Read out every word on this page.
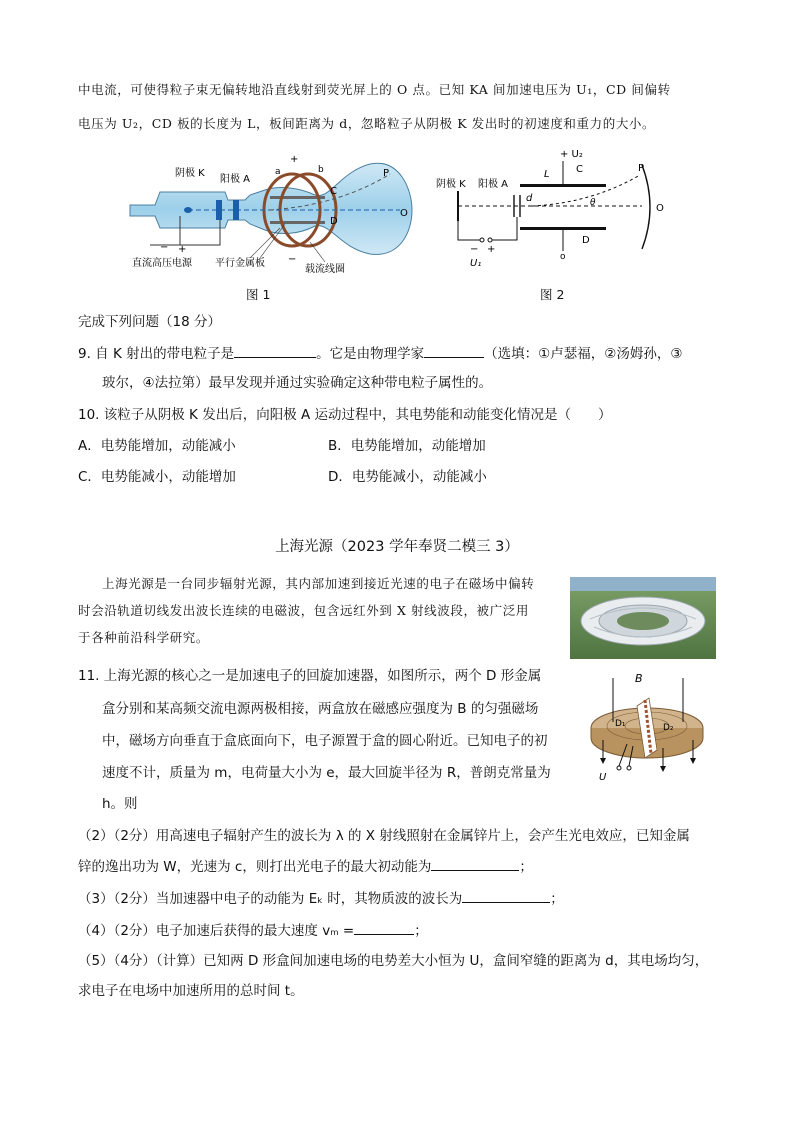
中电流，可使得粒子束无偏转地沿直线射到荧光屏上的 O 点。已知 KA 间加速电压为 U₁，CD 间偏转
电压为 U₂，CD 板的长度为 L，板间距离为 d，忽略粒子从阴极 K 发出时的初速度和重力的大小。
阴极 K
阳极 A
a	b
C
D
P
O
+
−
+
−
直流高压电源 平行金属板
载流线圈
图 1
+ U₂
C
L
阴极 K 阳极 A
d	θ
P
O
D
o
− +
U₁
图 2
完成下列问题（18 分）
9. 自 K 射出的带电粒子是	。它是由物理学家	（选填：①卢瑟福，②汤姆孙，③
玻尔，④法拉第）最早发现并通过实验确定这种带电粒子属性的。
10. 该粒子从阴极 K 发出后，向阳极 A 运动过程中，其电势能和动能变化情况是（　　）
A．电势能增加，动能减小	B．电势能增加，动能增加
C．电势能减小，动能增加	D．电势能减小，动能减小
上海光源（2023 学年奉贤二模三 3）
上海光源是一台同步辐射光源，其内部加速到接近光速的电子在磁场中偏转
时会沿轨道切线发出波长连续的电磁波，包含远红外到 X 射线波段，被广泛用
于各种前沿科学研究。
11. 上海光源的核心之一是加速电子的回旋加速器，如图所示，两个 D 形金属
盒分别和某高频交流电源两极相接，两盒放在磁感应强度为 B 的匀强磁场
中，磁场方向垂直于盒底面向下，电子源置于盒的圆心附近。已知电子的初
速度不计，质量为 m，电荷量大小为 e，最大回旋半径为 R，普朗克常量为
h。则
B
D₁	D₂
U
（2）（2分）用高速电子辐射产生的波长为 λ 的 X 射线照射在金属锌片上，会产生光电效应，已知金属
锌的逸出功为 W，光速为 c，则打出光电子的最大初动能为	；
（3）（2分）当加速器中电子的动能为 Eₖ 时，其物质波的波长为	；
（4）（2分）电子加速后获得的最大速度 vₘ =	；
（5）（4分）（计算）已知两 D 形盒间加速电场的电势差大小恒为 U，盒间窄缝的距离为 d，其电场均匀，
求电子在电场中加速所用的总时间 t。
